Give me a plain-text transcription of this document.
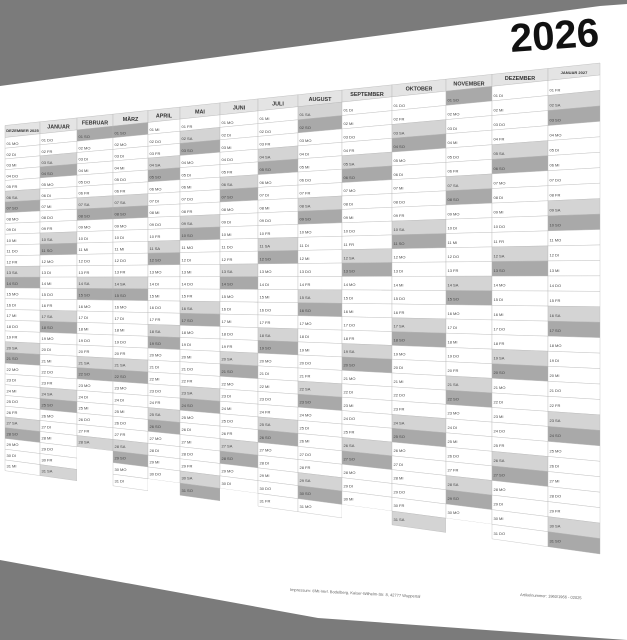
2026
DEZEMBER 2025
01 MO
02 DI
03 MI
04 DO
05 FR
06 SA
07 SO
08 MO
09 DI
10 MI
11 DO
12 FR
13 SA
14 SO
15 MO
16 DI
17 MI
18 DO
19 FR
20 SA
21 SO
22 MO
23 DI
24 MI
25 DO
26 FR
27 SA
28 SO
29 MO
30 DI
31 MI
JANUAR
01 DO
02 FR
03 SA
04 SO
05 MO
06 DI
07 MI
08 DO
09 FR
10 SA
11 SO
12 MO
13 DI
14 MI
15 DO
16 FR
17 SA
18 SO
19 MO
20 DI
21 MI
22 DO
23 FR
24 SA
25 SO
26 MO
27 DI
28 MI
29 DO
30 FR
31 SA
FEBRUAR
01 SO
02 MO
03 DI
04 MI
05 DO
06 FR
07 SA
08 SO
09 MO
10 DI
11 MI
12 DO
13 FR
14 SA
15 SO
16 MO
17 DI
18 MI
19 DO
20 FR
21 SA
22 SO
23 MO
24 DI
25 MI
26 DO
27 FR
28 SA
MÄRZ
01 SO
02 MO
03 DI
04 MI
05 DO
06 FR
07 SA
08 SO
09 MO
10 DI
11 MI
12 DO
13 FR
14 SA
15 SO
16 MO
17 DI
18 MI
19 DO
20 FR
21 SA
22 SO
23 MO
24 DI
25 MI
26 DO
27 FR
28 SA
29 SO
30 MO
31 DI
APRIL
01 MI
02 DO
03 FR
04 SA
05 SO
06 MO
07 DI
08 MI
09 DO
10 FR
11 SA
12 SO
13 MO
14 DI
15 MI
16 DO
17 FR
18 SA
19 SO
20 MO
21 DI
22 MI
23 DO
24 FR
25 SA
26 SO
27 MO
28 DI
29 MI
30 DO
MAI
01 FR
02 SA
03 SO
04 MO
05 DI
06 MI
07 DO
08 FR
09 SA
10 SO
11 MO
12 DI
13 MI
14 DO
15 FR
16 SA
17 SO
18 MO
19 DI
20 MI
21 DO
22 FR
23 SA
24 SO
25 MO
26 DI
27 MI
28 DO
29 FR
30 SA
31 SO
JUNI
01 MO
02 DI
03 MI
04 DO
05 FR
06 SA
07 SO
08 MO
09 DI
10 MI
11 DO
12 FR
13 SA
14 SO
15 MO
16 DI
17 MI
18 DO
19 FR
20 SA
21 SO
22 MO
23 DI
24 MI
25 DO
26 FR
27 SA
28 SO
29 MO
30 DI
JULI
01 MI
02 DO
03 FR
04 SA
05 SO
06 MO
07 DI
08 MI
09 DO
10 FR
11 SA
12 SO
13 MO
14 DI
15 MI
16 DO
17 FR
18 SA
19 SO
20 MO
21 DI
22 MI
23 DO
24 FR
25 SA
26 SO
27 MO
28 DI
29 MI
30 DO
31 FR
AUGUST
01 SA
02 SO
03 MO
04 DI
05 MI
06 DO
07 FR
08 SA
09 SO
10 MO
11 DI
12 MI
13 DO
14 FR
15 SA
16 SO
17 MO
18 DI
19 MI
20 DO
21 FR
22 SA
23 SO
24 MO
25 DI
26 MI
27 DO
28 FR
29 SA
30 SO
31 MO
SEPTEMBER
01 DI
02 MI
03 DO
04 FR
05 SA
06 SO
07 MO
08 DI
09 MI
10 DO
11 FR
12 SA
13 SO
14 MO
15 DI
16 MI
17 DO
18 FR
19 SA
20 SO
21 MO
22 DI
23 MI
24 DO
25 FR
26 SA
27 SO
28 MO
29 DI
30 MI
OKTOBER
01 DO
02 FR
03 SA
04 SO
05 MO
06 DI
07 MI
08 DO
09 FR
10 SA
11 SO
12 MO
13 DI
14 MI
15 DO
16 FR
17 SA
18 SO
19 MO
20 DI
21 MI
22 DO
23 FR
24 SA
25 SO
26 MO
27 DI
28 MI
29 DO
30 FR
31 SA
NOVEMBER
01 SO
02 MO
03 DI
04 MI
05 DO
06 FR
07 SA
08 SO
09 MO
10 DI
11 MI
12 DO
13 FR
14 SA
15 SO
16 MO
17 DI
18 MI
19 DO
20 FR
21 SA
22 SO
23 MO
24 DI
25 MI
26 DO
27 FR
28 SA
29 SO
30 MO
DEZEMBER
01 DI
02 MI
03 DO
04 FR
05 SA
06 SO
07 MO
08 DI
09 MI
10 DO
11 FR
12 SA
13 SO
14 MO
15 DI
16 MI
17 DO
18 FR
19 SA
20 SO
21 MO
22 DI
23 MI
24 DO
25 FR
26 SA
27 SO
28 MO
29 DI
30 MI
31 DO
JANUAR 2027
01 FR
02 SA
03 SO
04 MO
05 DI
06 MI
07 DO
08 FR
09 SA
10 SO
11 MO
12 DI
13 MI
14 DO
15 FR
16 SA
17 SO
18 MO
19 DI
20 MI
21 DO
22 FR
23 SA
24 SO
25 MO
26 DI
27 MI
28 DO
29 FR
30 SA
31 SO
Impressum: ©Mt-Verl. Bodelberg, Kaiser-Wilhelm-Str. 8, 42777 Wuppertal	Artikelnummer: 1960/1966 - 02025
